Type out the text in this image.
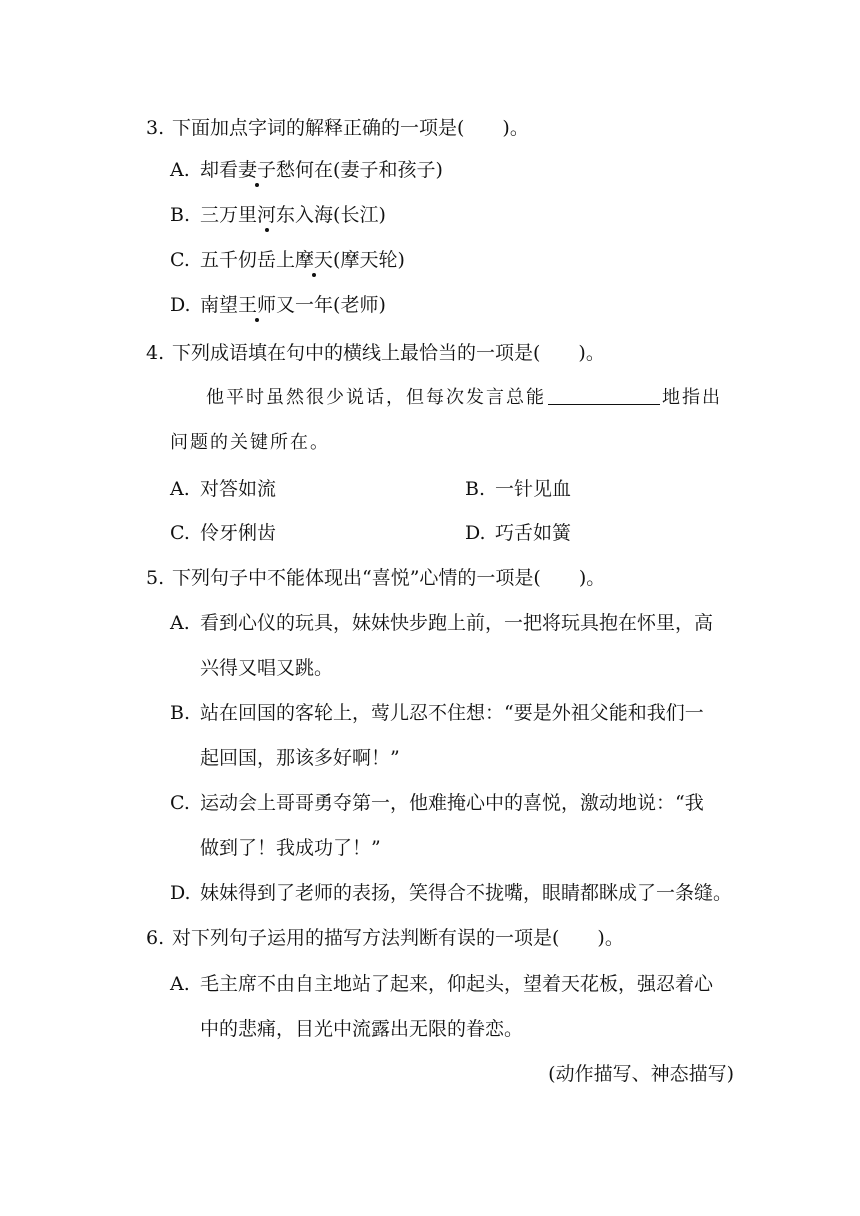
3. 下面加点字词的解释正确的一项是(　　)。
A. 却看妻子愁何在(妻子和孩子)
B. 三万里河东入海(长江)
C. 五千仞岳上摩天(摩天轮)
D. 南望王师又一年(老师)
4. 下列成语填在句中的横线上最恰当的一项是(　　)。
他平时虽然很少说话，但每次发言总能	地指出
问题的关键所在。
A. 对答如流	B. 一针见血
C. 伶牙俐齿	D. 巧舌如簧
5. 下列句子中不能体现出“喜悦”心情的一项是(　　)。
A. 看到心仪的玩具，妹妹快步跑上前，一把将玩具抱在怀里，高
兴得又唱又跳。
B. 站在回国的客轮上，莺儿忍不住想：“要是外祖父能和我们一
起回国，那该多好啊！”
C. 运动会上哥哥勇夺第一，他难掩心中的喜悦，激动地说：“我
做到了！我成功了！”
D. 妹妹得到了老师的表扬，笑得合不拢嘴，眼睛都眯成了一条缝。
6. 对下列句子运用的描写方法判断有误的一项是(　　)。
A. 毛主席不由自主地站了起来，仰起头，望着天花板，强忍着心
中的悲痛，目光中流露出无限的眷恋。
(动作描写、神态描写)
